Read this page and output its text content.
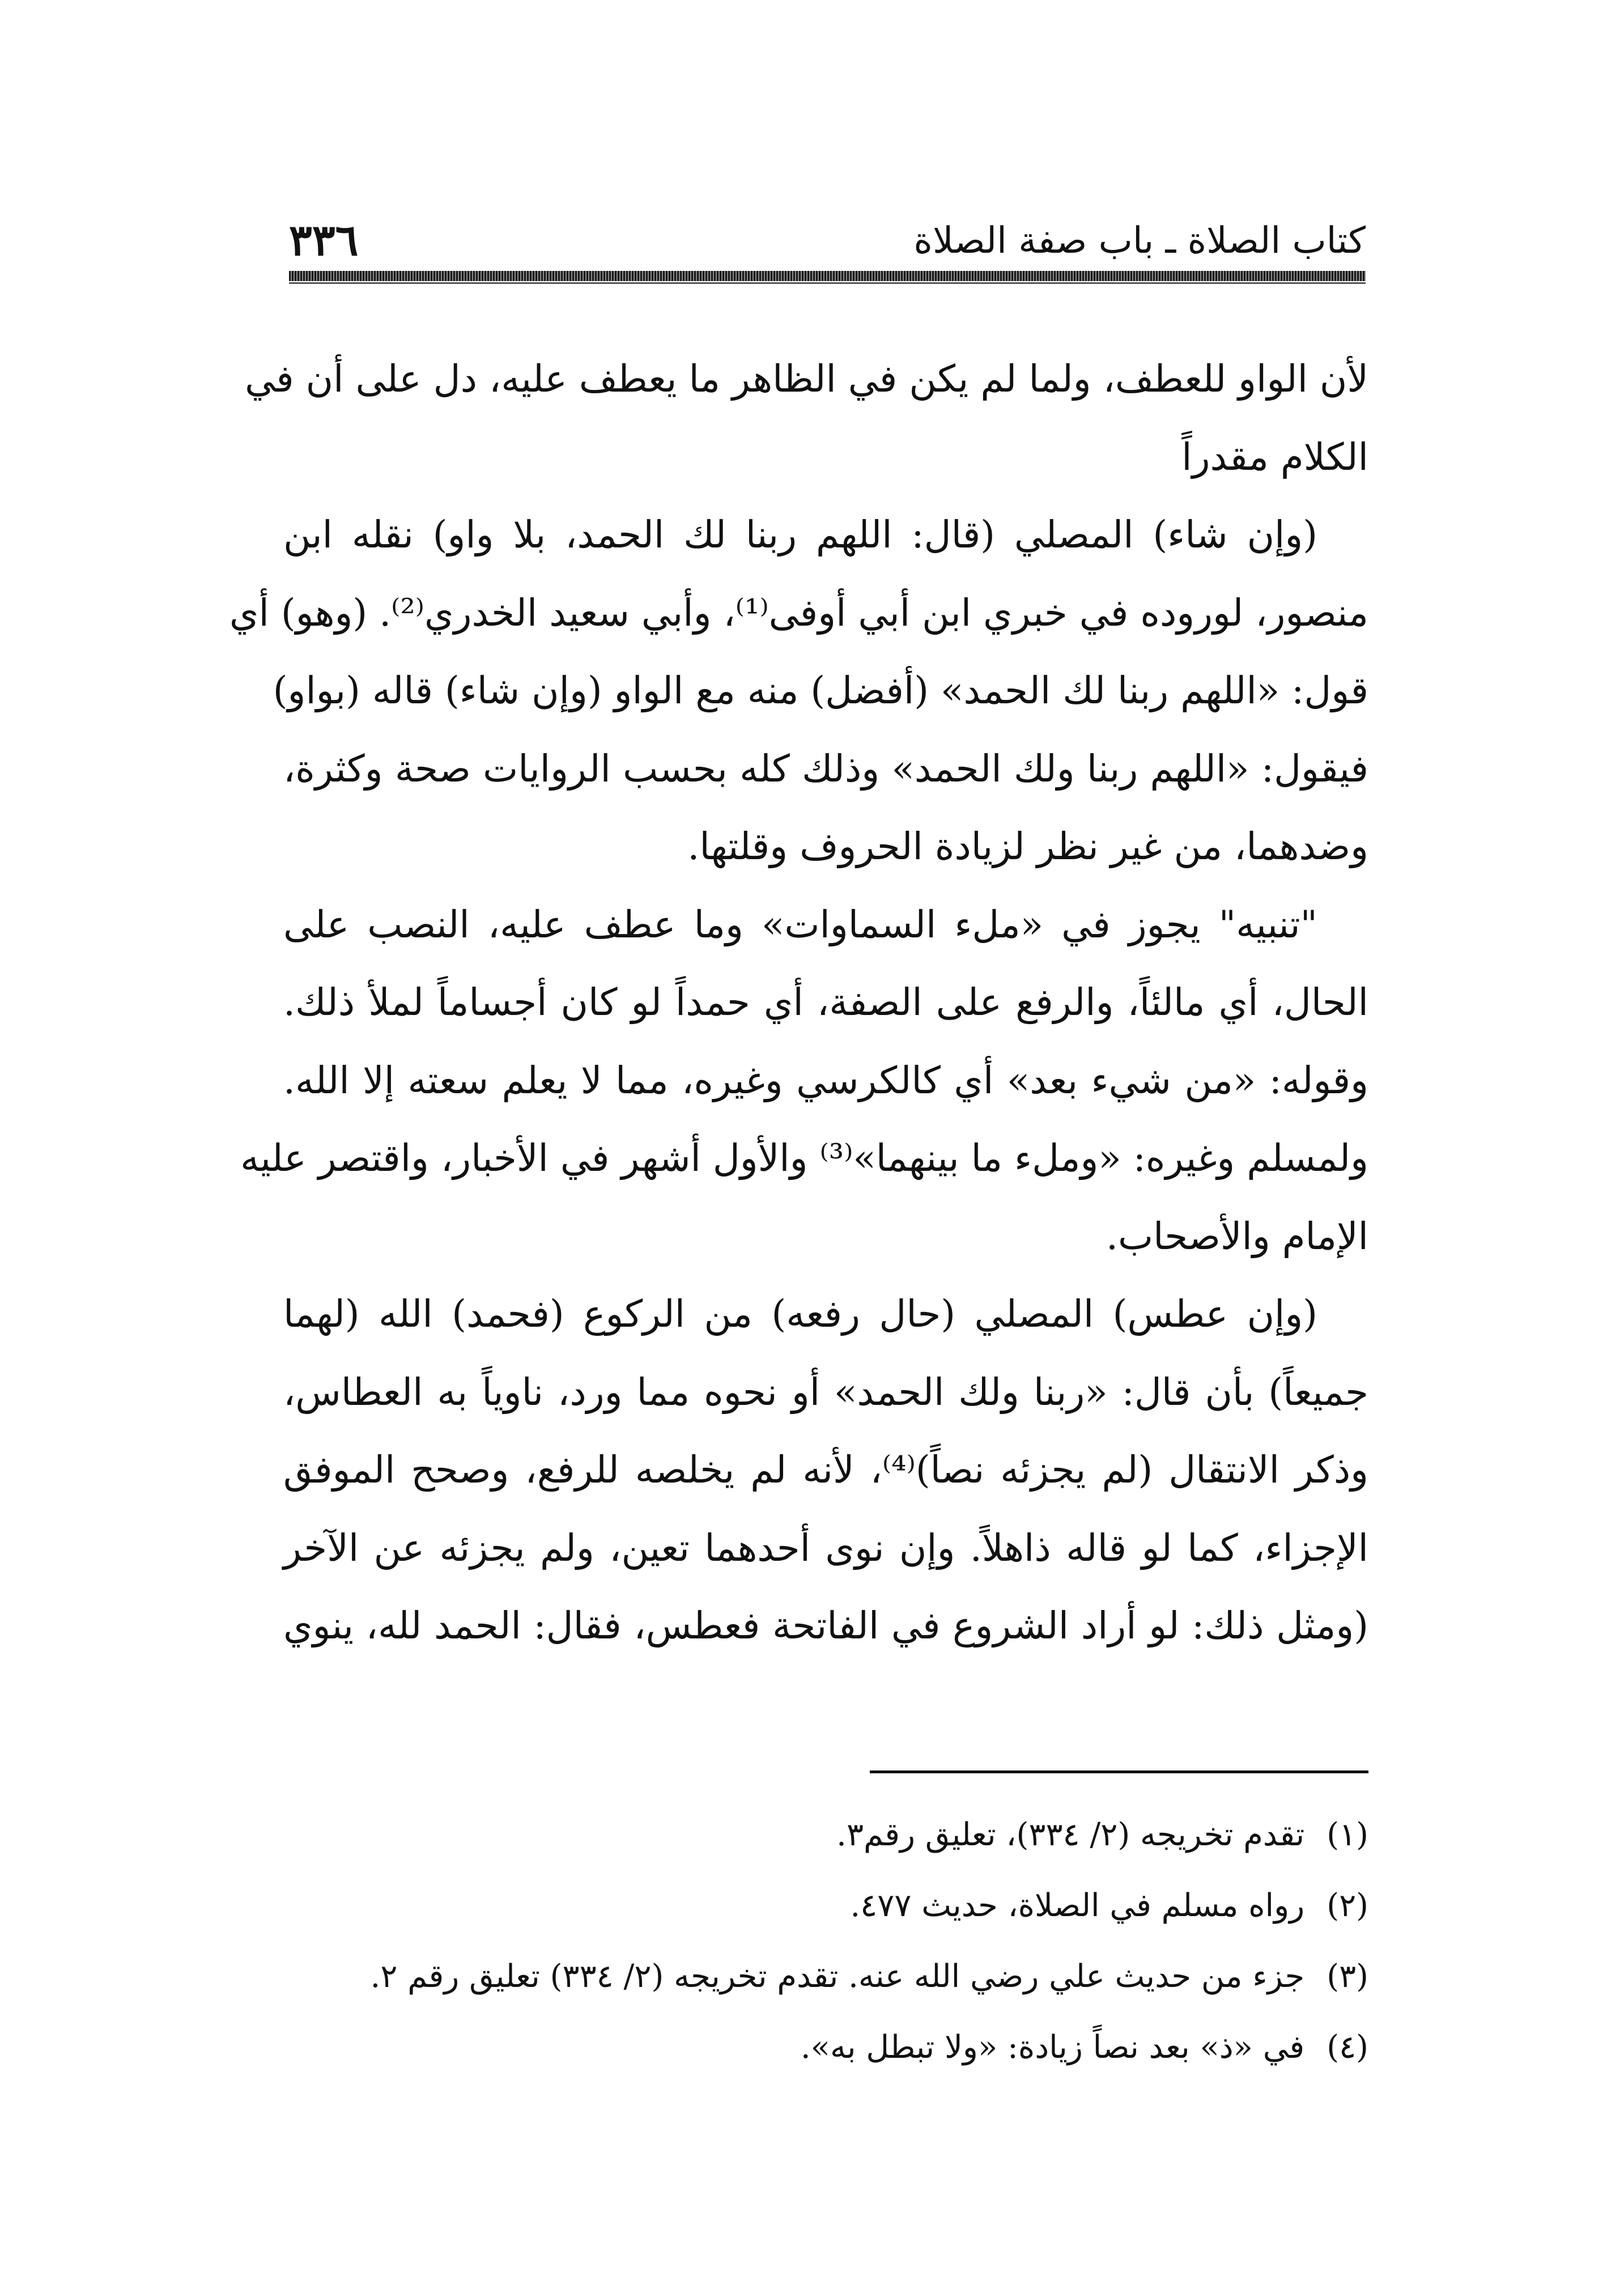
كتاب الصلاة ـ باب صفة الصلاة
٣٣٦
لأن الواو للعطف، ولما لم يكن في الظاهر ما يعطف عليه، دل على أن في
الكلام مقدراً
(وإن شاء) المصلي (قال: اللهم ربنا لك الحمد، بلا واو) نقله ابن
منصور، لوروده في خبري ابن أبي أوفى⁽¹⁾، وأبي سعيد الخدري⁽²⁾. (وهو) أي
قول: «اللهم ربنا لك الحمد» (أفضل) منه مع الواو (وإن شاء) قاله (بواو)
فيقول: «اللهم ربنا ولك الحمد» وذلك كله بحسب الروايات صحة وكثرة،
وضدهما، من غير نظر لزيادة الحروف وقلتها.
"تنبيه" يجوز في «ملء السماوات» وما عطف عليه، النصب على
الحال، أي مالئاً، والرفع على الصفة، أي حمداً لو كان أجساماً لملأ ذلك.
وقوله: «من شيء بعد» أي كالكرسي وغيره، مما لا يعلم سعته إلا الله.
ولمسلم وغيره: «وملء ما بينهما»⁽³⁾ والأول أشهر في الأخبار، واقتصر عليه
الإمام والأصحاب.
(وإن عطس) المصلي (حال رفعه) من الركوع (فحمد) الله (لهما
جميعاً) بأن قال: «ربنا ولك الحمد» أو نحوه مما ورد، ناوياً به العطاس،
وذكر الانتقال (لم يجزئه نصاً)⁽⁴⁾، لأنه لم يخلصه للرفع، وصحح الموفق
الإجزاء، كما لو قاله ذاهلاً. وإن نوى أحدهما تعين، ولم يجزئه عن الآخر
(ومثل ذلك: لو أراد الشروع في الفاتحة فعطس، فقال: الحمد لله، ينوي
(١) تقدم تخريجه (٢/ ٣٣٤)، تعليق رقم٣.
(٢) رواه مسلم في الصلاة، حديث ٤٧٧.
(٣) جزء من حديث علي رضي الله عنه. تقدم تخريجه (٢/ ٣٣٤) تعليق رقم ٢.
(٤) في «ذ» بعد نصاً زيادة: «ولا تبطل به».
